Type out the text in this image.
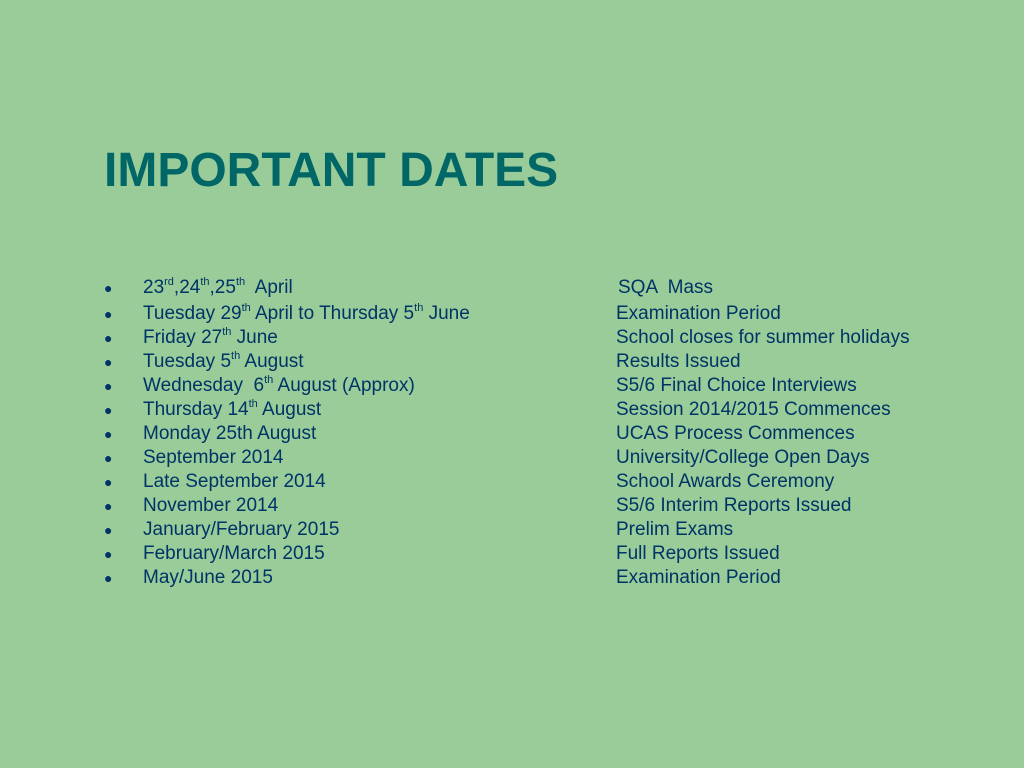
IMPORTANT DATES
● 23rd,24th,25th  April	SQA  Mass
● Tuesday 29th April to Thursday 5th June	Examination Period
● Friday 27th June	School closes for summer holidays
● Tuesday 5th August	Results Issued
● Wednesday  6th August (Approx)	S5/6 Final Choice Interviews
● Thursday 14th August	Session 2014/2015 Commences
● Monday 25th August	UCAS Process Commences
● September 2014	University/College Open Days
● Late September 2014	School Awards Ceremony
● November 2014	S5/6 Interim Reports Issued
● January/February 2015	Prelim Exams
● February/March 2015	Full Reports Issued
● May/June 2015	Examination Period
